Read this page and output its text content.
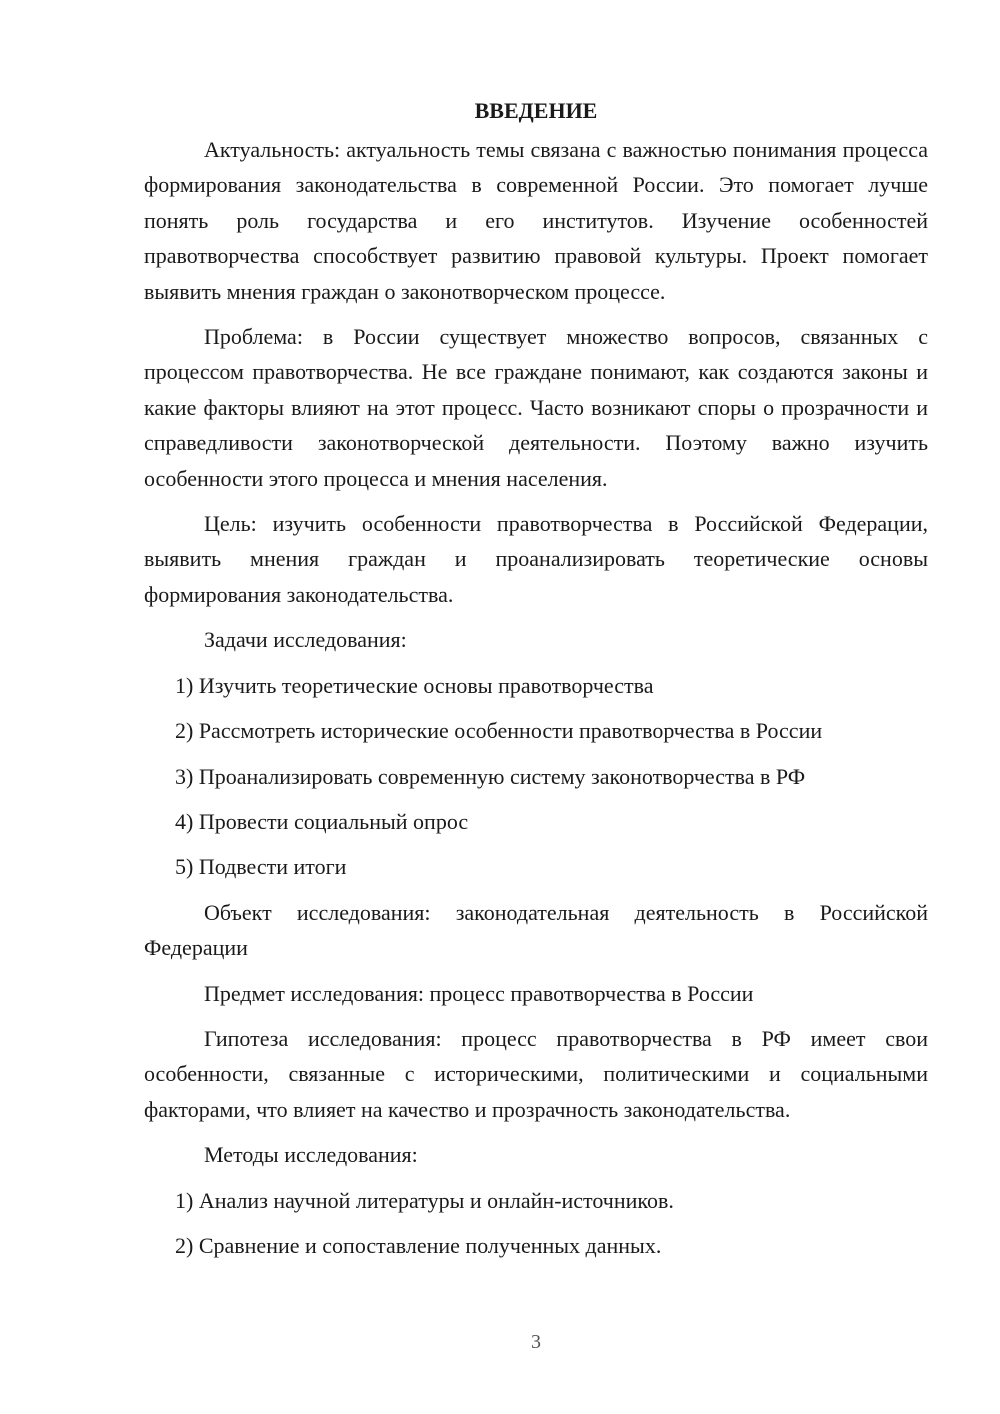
ВВЕДЕНИЕ

Актуальность: актуальность темы связана с важностью понимания процесса формирования законодательства в современной России. Это помогает лучше понять роль государства и его институтов. Изучение особенностей правотворчества способствует развитию правовой культуры. Проект помогает выявить мнения граждан о законотворческом процессе.

Проблема: в России существует множество вопросов, связанных с процессом правотворчества. Не все граждане понимают, как создаются законы и какие факторы влияют на этот процесс. Часто возникают споры о прозрачности и справедливости законотворческой деятельности. Поэтому важно изучить особенности этого процесса и мнения населения.

Цель: изучить особенности правотворчества в Российской Федерации, выявить мнения граждан и проанализировать теоретические основы формирования законодательства.

Задачи исследования:

1) Изучить теоретические основы правотворчества
2) Рассмотреть исторические особенности правотворчества в России
3) Проанализировать современную систему законотворчества в РФ
4) Провести социальный опрос
5) Подвести итоги

Объект исследования: законодательная деятельность в Российской Федерации

Предмет исследования: процесс правотворчества в России

Гипотеза исследования: процесс правотворчества в РФ имеет свои особенности, связанные с историческими, политическими и социальными факторами, что влияет на качество и прозрачность законодательства.

Методы исследования:

1) Анализ научной литературы и онлайн-источников.
2) Сравнение и сопоставление полученных данных.
3
